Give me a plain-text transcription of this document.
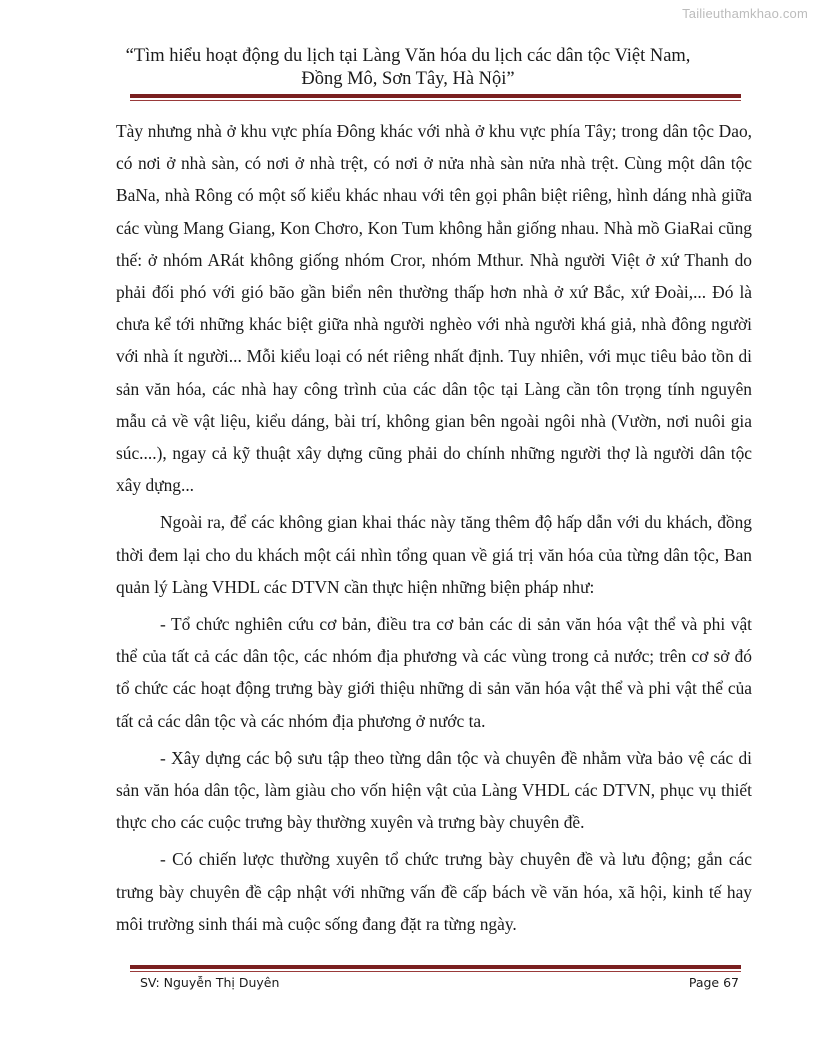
Tailieuthamkhao.com
“Tìm hiểu hoạt động du lịch tại Làng Văn hóa du lịch các dân tộc Việt Nam,
Đồng Mô, Sơn Tây, Hà Nội”

Tày nhưng nhà ở khu vực phía Đông khác với nhà ở khu vực phía Tây; trong dân tộc Dao, có nơi ở nhà sàn, có nơi ở nhà trệt, có nơi ở nửa nhà sàn nửa nhà trệt. Cùng một dân tộc BaNa, nhà Rông có một số kiểu khác nhau với tên gọi phân biệt riêng, hình dáng nhà giữa các vùng Mang Giang, Kon Chơro, Kon Tum không hẳn giống nhau. Nhà mồ GiaRai cũng thế: ở nhóm ARát không giống nhóm Cror, nhóm Mthur. Nhà người Việt ở xứ Thanh do phải đối phó với gió bão gần biển nên thường thấp hơn nhà ở xứ Bắc, xứ Đoài,... Đó là chưa kể tới những khác biệt giữa nhà người nghèo với nhà người khá giả, nhà đông người với nhà ít người... Mỗi kiểu loại có nét riêng nhất định. Tuy nhiên, với mục tiêu bảo tồn di sản văn hóa, các nhà hay công trình của các dân tộc tại Làng cần tôn trọng tính nguyên mẫu cả về vật liệu, kiểu dáng, bài trí, không gian bên ngoài ngôi nhà (Vườn, nơi nuôi gia súc....), ngay cả kỹ thuật xây dựng cũng phải do chính những người thợ là người dân tộc xây dựng...

Ngoài ra, để các không gian khai thác này tăng thêm độ hấp dẫn với du khách, đồng thời đem lại cho du khách một cái nhìn tổng quan về giá trị văn hóa của từng dân tộc, Ban quản lý Làng VHDL các DTVN cần thực hiện những biện pháp như:

- Tổ chức nghiên cứu cơ bản, điều tra cơ bản các di sản văn hóa vật thể và phi vật thể của tất cả các dân tộc, các nhóm địa phương và các vùng trong cả nước; trên cơ sở đó tổ chức các hoạt động trưng bày giới thiệu những di sản văn hóa vật thể và phi vật thể của tất cả các dân tộc và các nhóm địa phương ở nước ta.

- Xây dựng các bộ sưu tập theo từng dân tộc và chuyên đề nhằm vừa bảo vệ các di sản văn hóa dân tộc, làm giàu cho vốn hiện vật của Làng VHDL các DTVN, phục vụ thiết thực cho các cuộc trưng bày thường xuyên và trưng bày chuyên đề.

- Có chiến lược thường xuyên tổ chức trưng bày chuyên đề và lưu động; gắn các trưng bày chuyên đề cập nhật với những vấn đề cấp bách về văn hóa, xã hội, kinh tế hay môi trường sinh thái mà cuộc sống đang đặt ra từng ngày.

SV: Nguyễn Thị Duyên	Page 67
